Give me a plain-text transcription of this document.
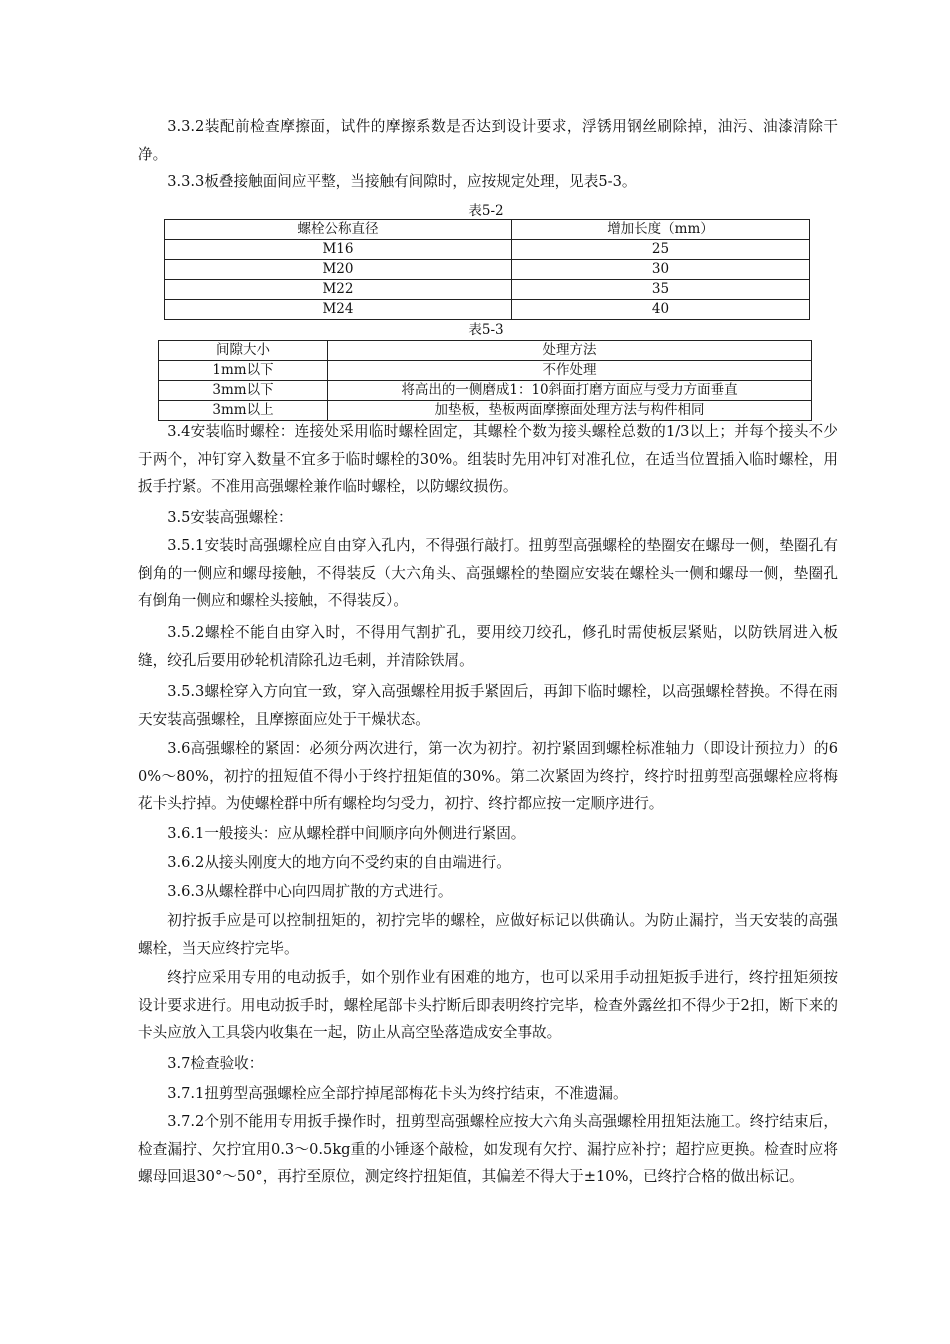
3.3.2装配前检查摩擦面，试件的摩擦系数是否达到设计要求，浮锈用钢丝刷除掉，油污、油漆清除干净。

3.3.3板叠接触面间应平整，当接触有间隙时，应按规定处理，见表5-3。

表5-2
螺栓公称直径	增加长度（mm）
M16	25
M20	30
M22	35
M24	40
表5-3
间隙大小	处理方法
1mm以下	不作处理
3mm以下	将高出的一侧磨成1：10斜面打磨方面应与受力方面垂直
3mm以上	加垫板，垫板两面摩擦面处理方法与构件相同

3.4安装临时螺栓：连接处采用临时螺栓固定，其螺栓个数为接头螺栓总数的1/3以上；并每个接头不少于两个，冲钉穿入数量不宜多于临时螺栓的30%。组装时先用冲钉对准孔位，在适当位置插入临时螺栓，用扳手拧紧。不准用高强螺栓兼作临时螺栓，以防螺纹损伤。

3.5安装高强螺栓：

3.5.1安装时高强螺栓应自由穿入孔内，不得强行敲打。扭剪型高强螺栓的垫圈安在螺母一侧，垫圈孔有倒角的一侧应和螺母接触，不得装反（大六角头、高强螺栓的垫圈应安装在螺栓头一侧和螺母一侧，垫圈孔有倒角一侧应和螺栓头接触，不得装反）。

3.5.2螺栓不能自由穿入时，不得用气割扩孔，要用绞刀绞孔，修孔时需使板层紧贴，以防铁屑进入板缝，绞孔后要用砂轮机清除孔边毛刺，并清除铁屑。

3.5.3螺栓穿入方向宜一致，穿入高强螺栓用扳手紧固后，再卸下临时螺栓，以高强螺栓替换。不得在雨天安装高强螺栓，且摩擦面应处于干燥状态。

3.6高强螺栓的紧固：必须分两次进行，第一次为初拧。初拧紧固到螺栓标准轴力（即设计预拉力）的60%～80%，初拧的扭短值不得小于终拧扭矩值的30%。第二次紧固为终拧，终拧时扭剪型高强螺栓应将梅花卡头拧掉。为使螺栓群中所有螺栓均匀受力，初拧、终拧都应按一定顺序进行。

3.6.1一般接头：应从螺栓群中间顺序向外侧进行紧固。

3.6.2从接头刚度大的地方向不受约束的自由端进行。

3.6.3从螺栓群中心向四周扩散的方式进行。

初拧扳手应是可以控制扭矩的，初拧完毕的螺栓，应做好标记以供确认。为防止漏拧，当天安装的高强螺栓，当天应终拧完毕。

终拧应采用专用的电动扳手，如个别作业有困难的地方，也可以采用手动扭矩扳手进行，终拧扭矩须按设计要求进行。用电动扳手时，螺栓尾部卡头拧断后即表明终拧完毕，检查外露丝扣不得少于2扣，断下来的卡头应放入工具袋内收集在一起，防止从高空坠落造成安全事故。

3.7检查验收：

3.7.1扭剪型高强螺栓应全部拧掉尾部梅花卡头为终拧结束，不准遗漏。

3.7.2个别不能用专用扳手操作时，扭剪型高强螺栓应按大六角头高强螺栓用扭矩法施工。终拧结束后，检查漏拧、欠拧宜用0.3～0.5kg重的小锤逐个敲检，如发现有欠拧、漏拧应补拧；超拧应更换。检查时应将螺母回退30°～50°，再拧至原位，测定终拧扭矩值，其偏差不得大于±10%，已终拧合格的做出标记。
